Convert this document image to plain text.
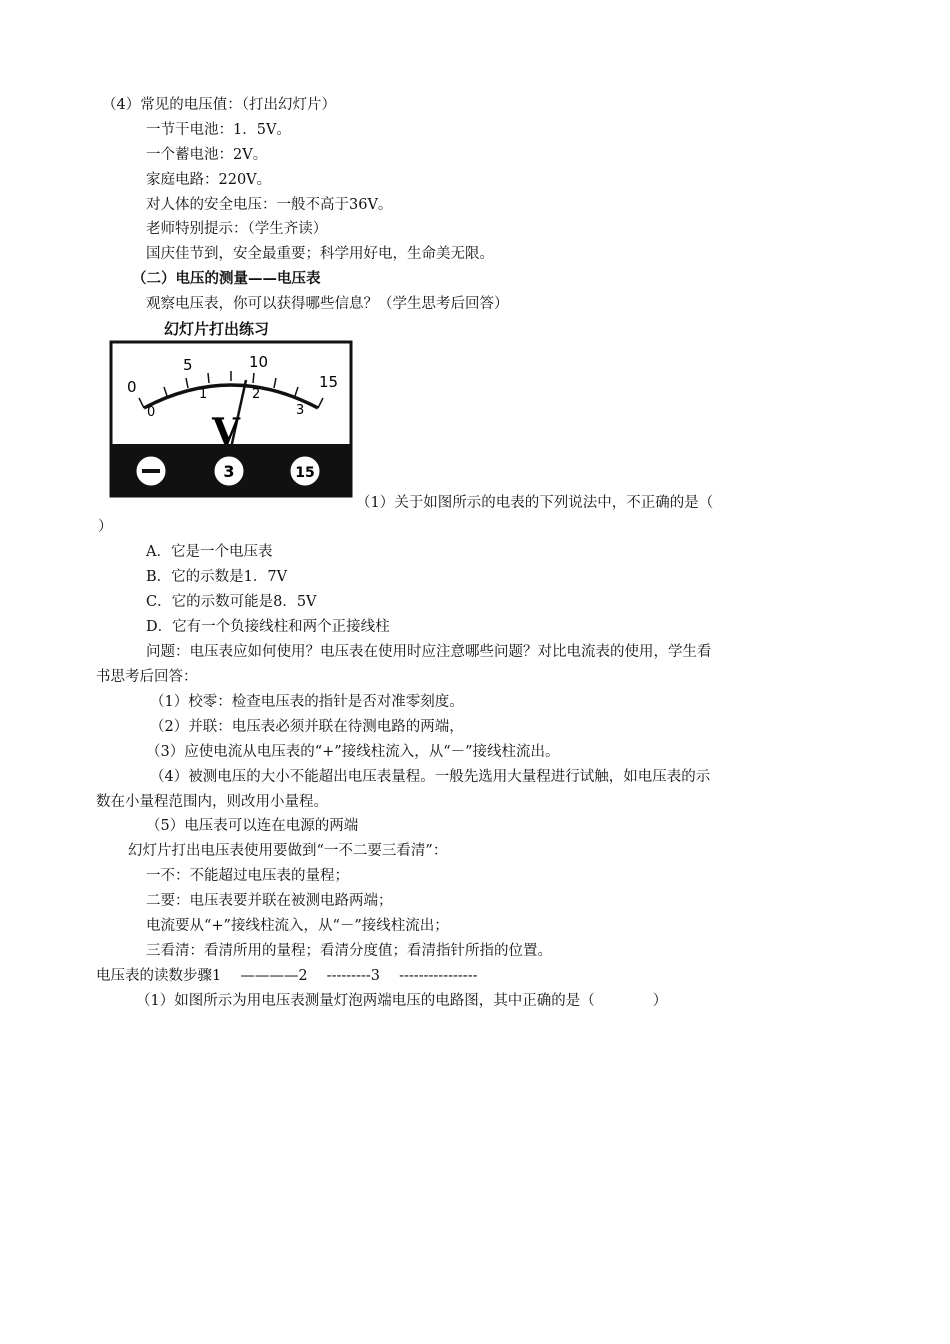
（4）常见的电压值：（打出幻灯片）
一节干电池：1．5V。
一个蓄电池：2V。
家庭电路：220V。
对人体的安全电压：一般不高于36V。
老师特别提示：（学生齐读）
国庆佳节到，安全最重要；科学用好电，生命美无限。
（二）电压的测量——电压表
观察电压表，你可以获得哪些信息？（学生思考后回答）
幻灯片打出练习
0
5	10
15
0
1	2
3
V
3	15
（1）关于如图所示的电表的下列说法中，不正确的是（
）
A．它是一个电压表
B．它的示数是1．7V
C．它的示数可能是8．5V
D．它有一个负接线柱和两个正接线柱
问题：电压表应如何使用？电压表在使用时应注意哪些问题？对比电流表的使用，学生看
书思考后回答：
（1）校零：检查电压表的指针是否对准零刻度。
（2）并联：电压表必须并联在待测电路的两端，
（3）应使电流从电压表的“+”接线柱流入，从“－”接线柱流出。
（4）被测电压的大小不能超出电压表量程。一般先选用大量程进行试触，如电压表的示
数在小量程范围内，则改用小量程。
（5）电压表可以连在电源的两端
幻灯片打出电压表使用要做到“一不二要三看清”：
一不：不能超过电压表的量程；
二要：电压表要并联在被测电路两端；
电流要从“+”接线柱流入，从“－”接线柱流出；
三看清：看清所用的量程；看清分度值；看清指针所指的位置。
电压表的读数步骤1　 ————2　 ---------3　 ----------------
（1）如图所示为用电压表测量灯泡两端电压的电路图，其中正确的是（　　　　）
